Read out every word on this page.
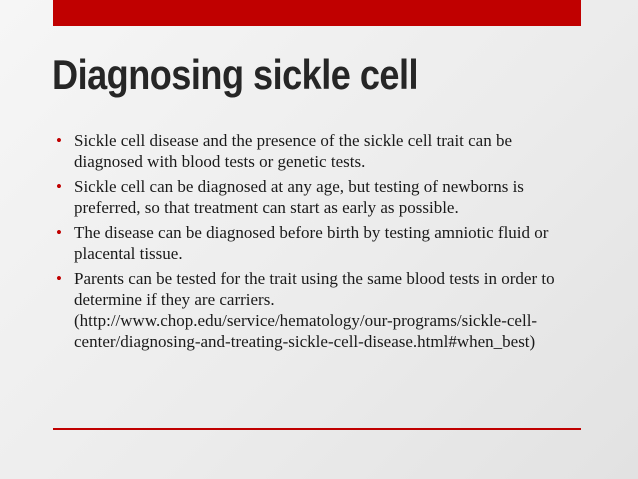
Diagnosing sickle cell
• Sickle cell disease and the presence of the sickle cell trait can be diagnosed with blood tests or genetic tests.
• Sickle cell can be diagnosed at any age, but testing of newborns is preferred, so that treatment can start as early as possible.
• The disease can be diagnosed before birth by testing amniotic fluid or placental tissue.
• Parents can be tested for the trait using the same blood tests in order to determine if they are carriers. (http://www.chop.edu/service/hematology/our-programs/sickle-cell-center/diagnosing-and-treating-sickle-cell-disease.html#when_best)
